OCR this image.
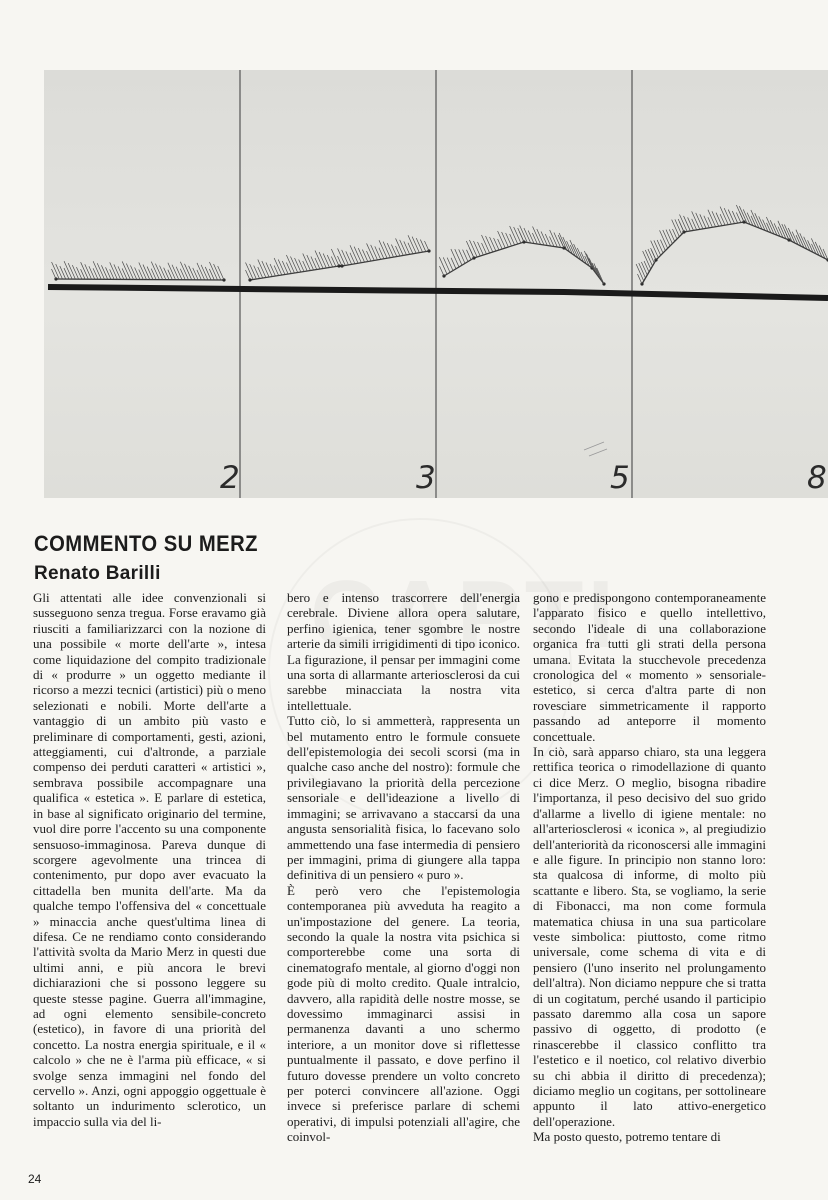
2	3	5	8
COMMENTO SU MERZ
Renato Barilli

Gli attentati alle idee convenzionali si susseguono senza tregua. Forse eravamo già riusciti a familiarizzarci con la nozione di una possibile « morte dell'arte », intesa come liquidazione del compito tradizionale di « produrre » un oggetto mediante il ricorso a mezzi tecnici (artistici) più o meno selezionati e nobili. Morte dell'arte a vantaggio di un ambito più vasto e preliminare di comportamenti, gesti, azioni, atteggiamenti, cui d'altronde, a parziale compenso dei perduti caratteri « artistici », sembrava possibile accompagnare una qualifica « estetica ». E parlare di estetica, in base al significato originario del termine, vuol dire porre l'accento su una componente sensuoso-immaginosa. Pareva dunque di scorgere agevolmente una trincea di contenimento, pur dopo aver evacuato la cittadella ben munita dell'arte. Ma da qualche tempo l'offensiva del « concettuale » minaccia anche quest'ultima linea di difesa. Ce ne rendiamo conto considerando l'attività svolta da Mario Merz in questi due ultimi anni, e più ancora le brevi dichiarazioni che si possono leggere su queste stesse pagine. Guerra all'immagine, ad ogni elemento sensibile-concreto (estetico), in favore di una priorità del concetto. La nostra energia spirituale, e il « calcolo » che ne è l'arma più efficace, « si svolge senza immagini nel fondo del cervello ». Anzi, ogni appoggio oggettuale è soltanto un indurimento sclerotico, un impaccio sulla via del li-

bero e intenso trascorrere dell'energia cerebrale. Diviene allora opera salutare, perfino igienica, tener sgombre le nostre arterie da simili irrigidimenti di tipo iconico. La figurazione, il pensar per immagini come una sorta di allarmante arteriosclerosi da cui sarebbe minacciata la nostra vita intellettuale.

Tutto ciò, lo si ammetterà, rappresenta un bel mutamento entro le formule consuete dell'epistemologia dei secoli scorsi (ma in qualche caso anche del nostro): formule che privilegiavano la priorità della percezione sensoriale e dell'ideazione a livello di immagini; se arrivavano a staccarsi da una angusta sensorialità fisica, lo facevano solo ammettendo una fase intermedia di pensiero per immagini, prima di giungere alla tappa definitiva di un pensiero « puro ».

È però vero che l'epistemologia contemporanea più avveduta ha reagito a un'impostazione del genere. La teoria, secondo la quale la nostra vita psichica si comporterebbe come una sorta di cinematografo mentale, al giorno d'oggi non gode più di molto credito. Quale intralcio, davvero, alla rapidità delle nostre mosse, se dovessimo immaginarci assisi in permanenza davanti a uno schermo interiore, a un monitor dove si riflettesse puntualmente il passato, e dove perfino il futuro dovesse prendere un volto concreto per poterci convincere all'azione. Oggi invece si preferisce parlare di schemi operativi, di impulsi potenziali all'agire, che coinvol-

gono e predispongono contemporaneamente l'apparato fisico e quello intellettivo, secondo l'ideale di una collaborazione organica fra tutti gli strati della persona umana. Evitata la stucchevole precedenza cronologica del « momento » sensoriale-estetico, si cerca d'altra parte di non rovesciare simmetricamente il rapporto passando ad anteporre il momento concettuale.

In ciò, sarà apparso chiaro, sta una leggera rettifica teorica o rimodellazione di quanto ci dice Merz. O meglio, bisogna ribadire l'importanza, il peso decisivo del suo grido d'allarme a livello di igiene mentale: no all'arteriosclerosi « iconica », al pregiudizio dell'anteriorità da riconoscersi alle immagini e alle figure. In principio non stanno loro: sta qualcosa di informe, di molto più scattante e libero. Sta, se vogliamo, la serie di Fibonacci, ma non come formula matematica chiusa in una sua particolare veste simbolica: piuttosto, come ritmo universale, come schema di vita e di pensiero (l'uno inserito nel prolungamento dell'altra). Non diciamo neppure che si tratta di un cogitatum, perché usando il participio passato daremmo alla cosa un sapore passivo di oggetto, di prodotto (e rinascerebbe il classico conflitto tra l'estetico e il noetico, col relativo diverbio su chi abbia il diritto di precedenza); diciamo meglio un cogitans, per sottolineare appunto il lato attivo-energetico dell'operazione.

Ma posto questo, potremo tentare di

24
